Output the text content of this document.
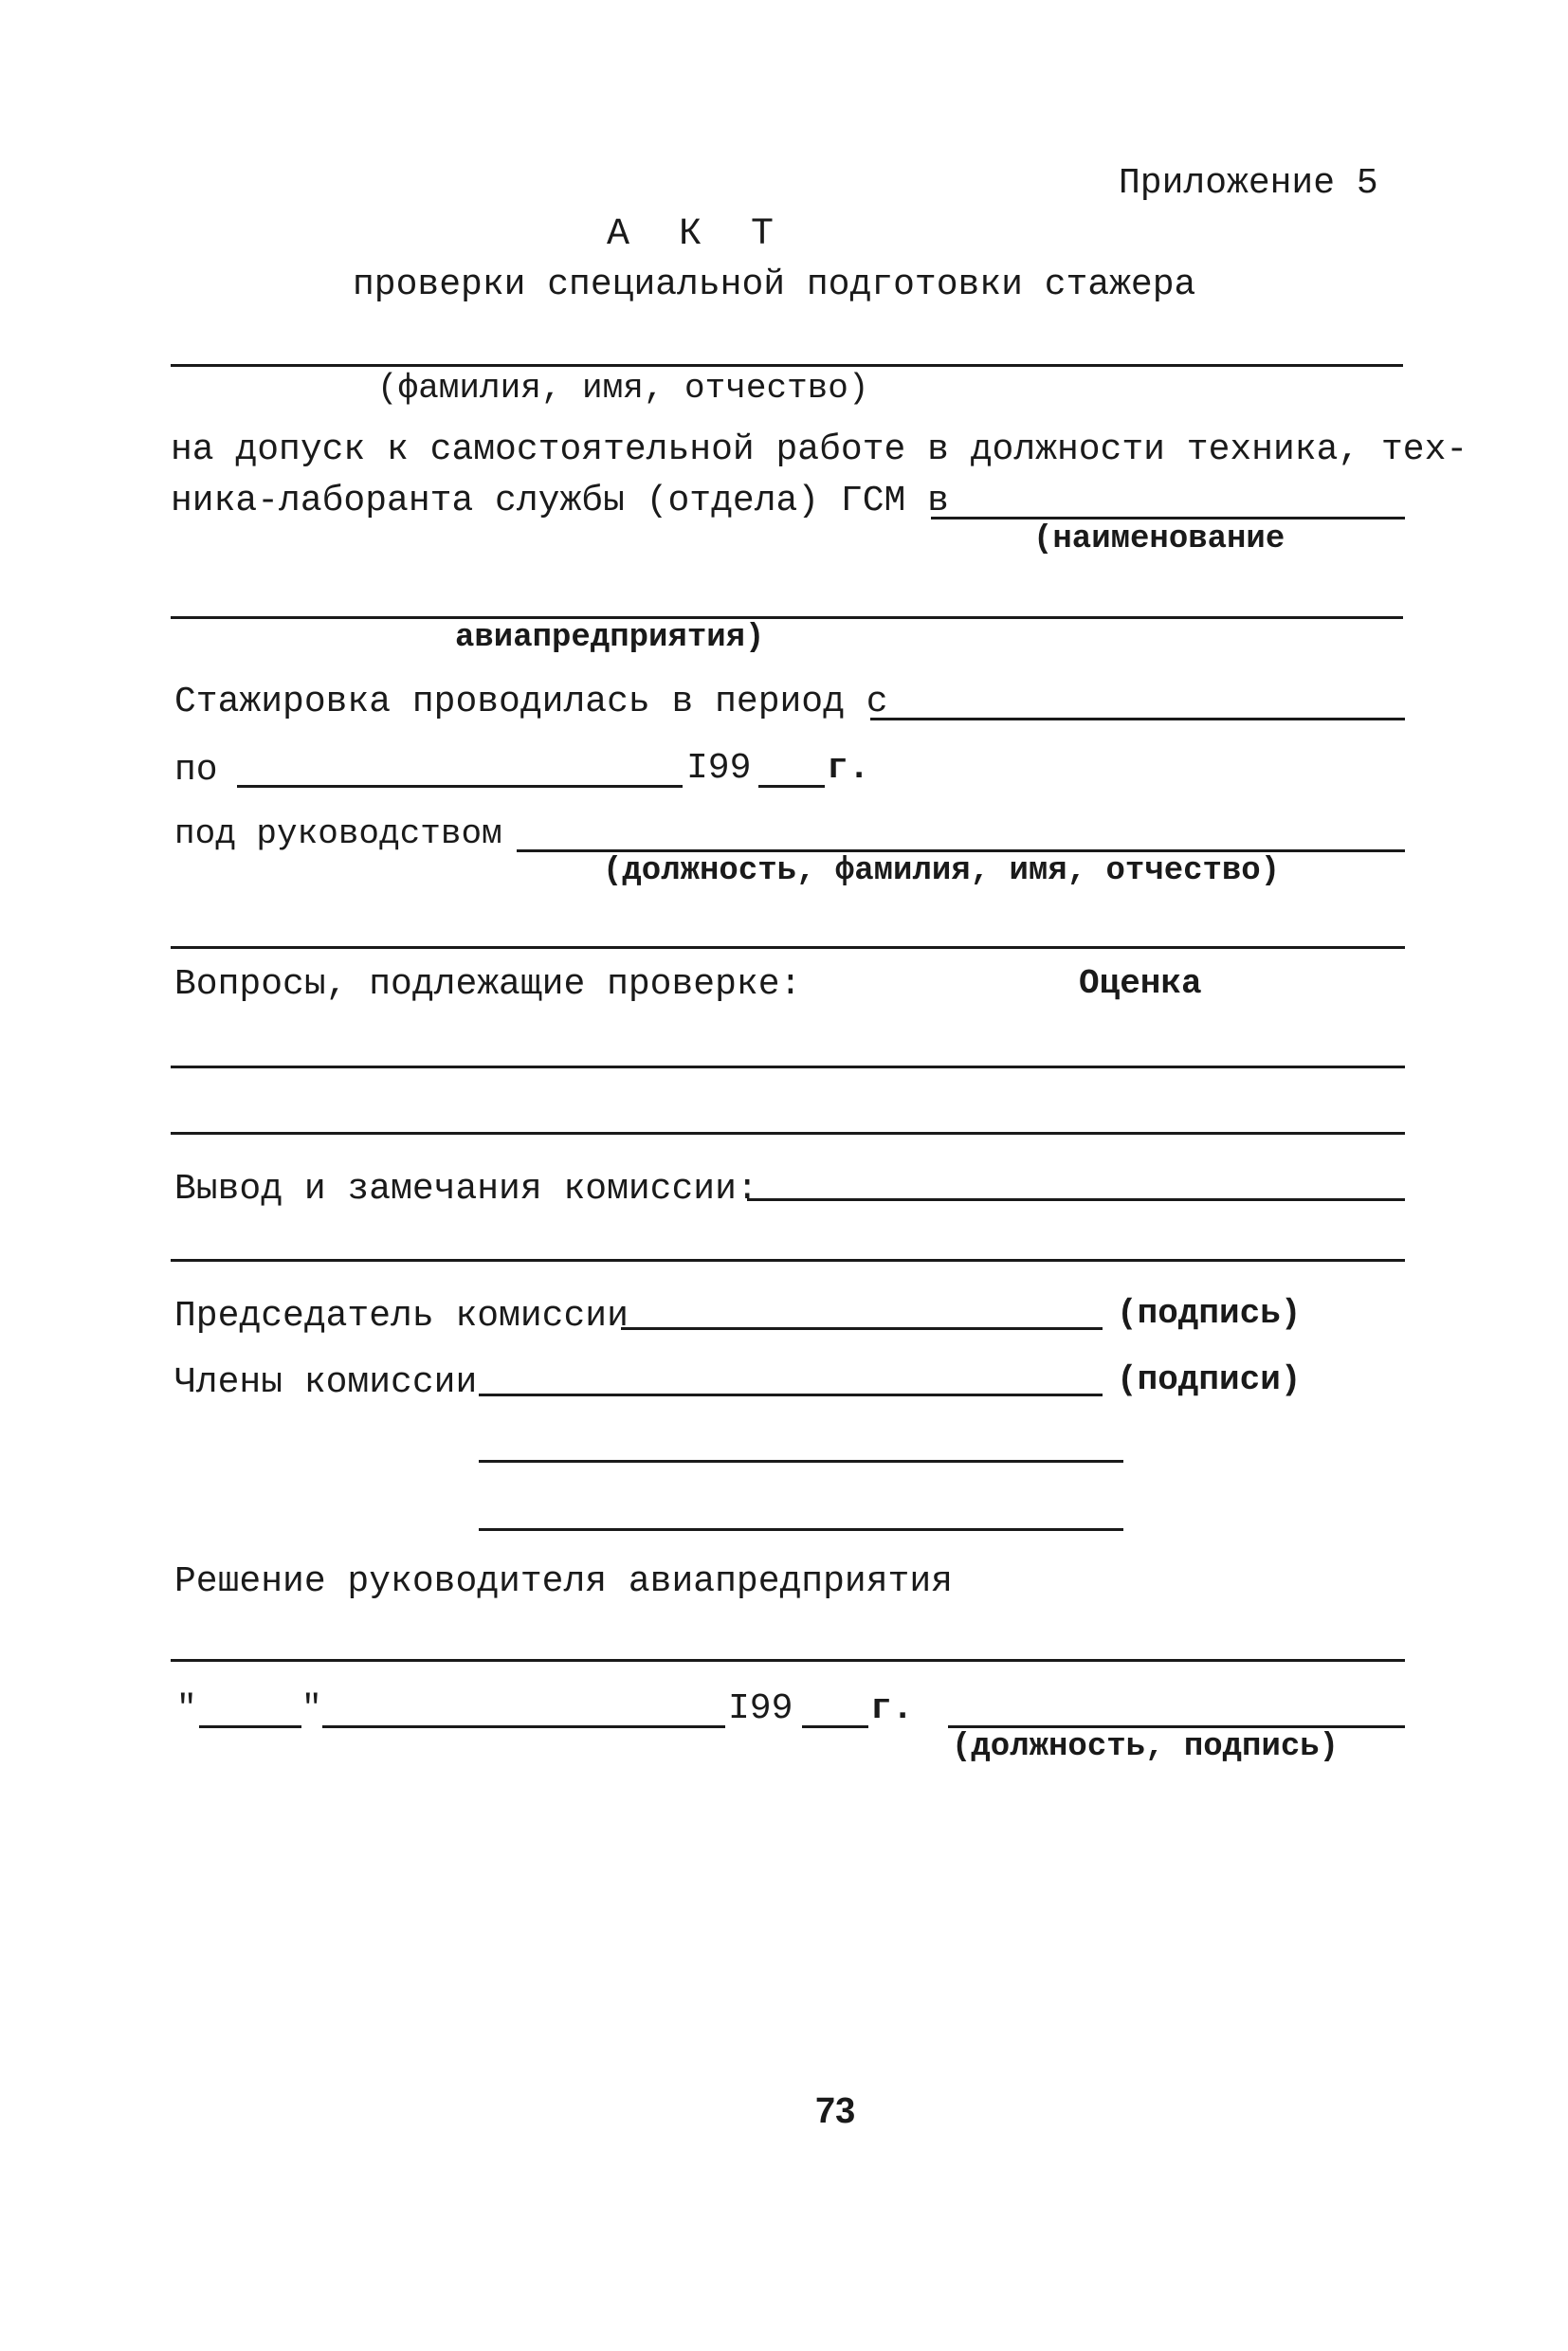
Приложение 5
А К Т
проверки специальной подготовки стажера
(фамилия, имя, отчество)
на допуск к самостоятельной работе в должности техника, тех-
ника-лаборанта службы (отдела) ГСМ в
(наименование
авиапредприятия)
Стажировка проводилась в период с
по	I99 г.
под руководством
(должность, фамилия, имя, отчество)
Вопросы, подлежащие проверке:	Оценка
Вывод и замечания комиссии:
Председатель комиссии	(подпись)
Члены комиссии	(подписи)
Решение руководителя авиапредприятия
"	"	I99 г.
(должность, подпись)
73
